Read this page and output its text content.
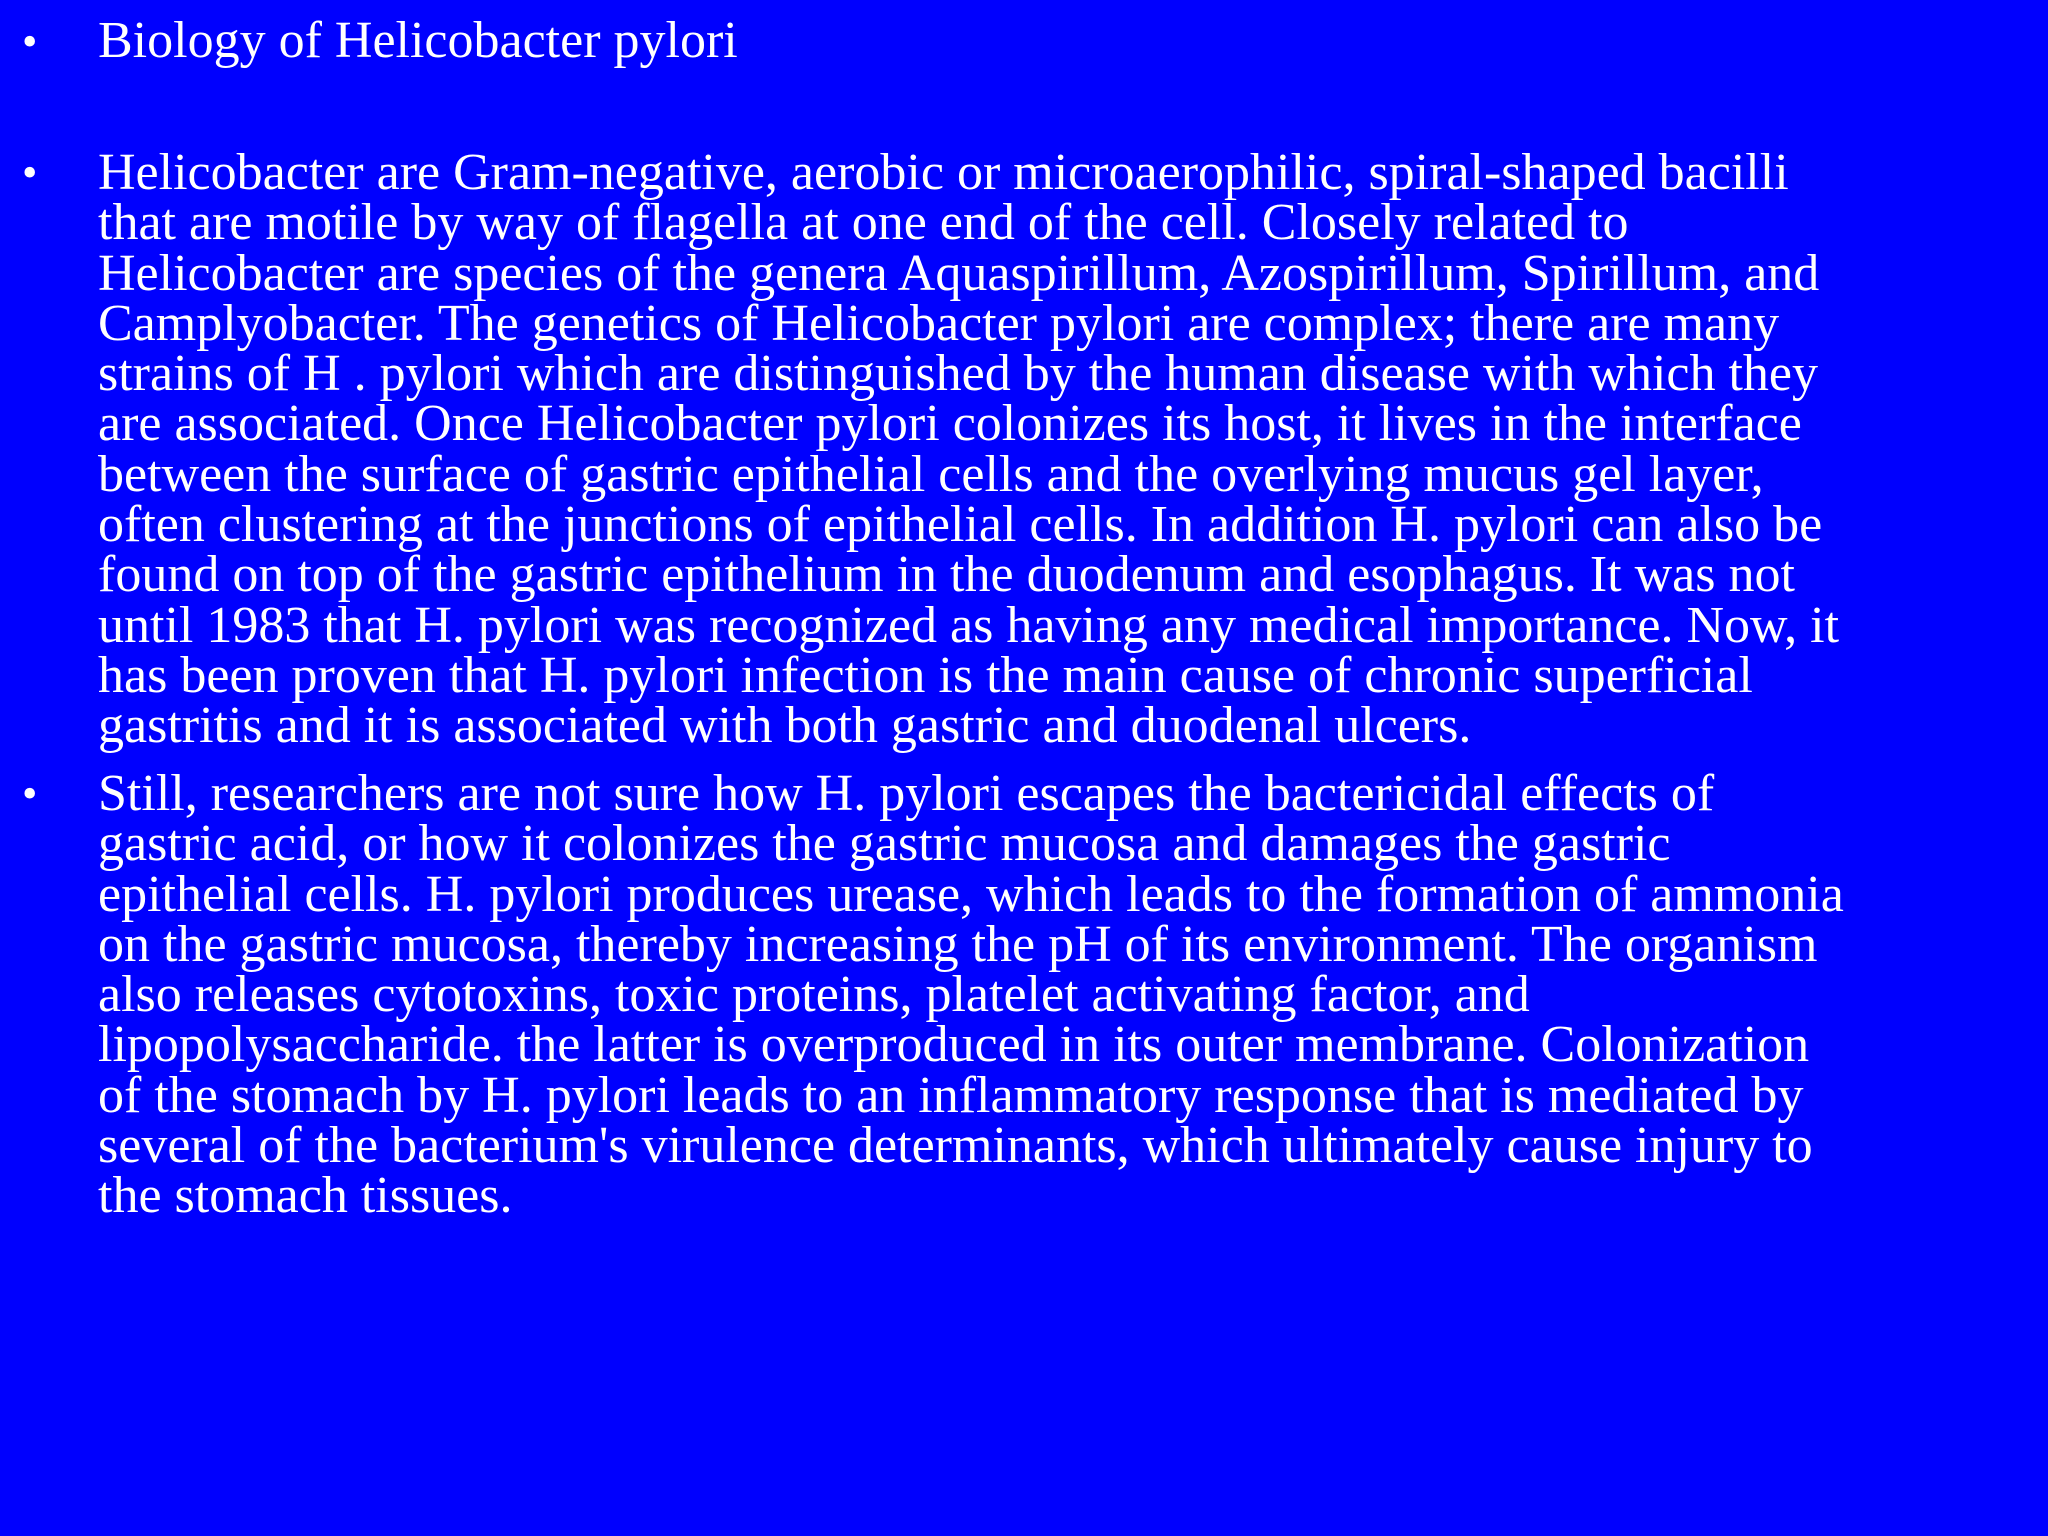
• Biology of Helicobacter pylori
• Helicobacter are Gram-negative, aerobic or microaerophilic, spiral-shaped bacilli
that are motile by way of flagella at one end of the cell. Closely related to
Helicobacter are species of the genera Aquaspirillum, Azospirillum, Spirillum, and
Camplyobacter. The genetics of Helicobacter pylori are complex; there are many
strains of H . pylori which are distinguished by the human disease with which they
are associated. Once Helicobacter pylori colonizes its host, it lives in the interface
between the surface of gastric epithelial cells and the overlying mucus gel layer,
often clustering at the junctions of epithelial cells. In addition H. pylori can also be
found on top of the gastric epithelium in the duodenum and esophagus. It was not
until 1983 that H. pylori was recognized as having any medical importance. Now, it
has been proven that H. pylori infection is the main cause of chronic superficial
gastritis and it is associated with both gastric and duodenal ulcers.
• Still, researchers are not sure how H. pylori escapes the bactericidal effects of
gastric acid, or how it colonizes the gastric mucosa and damages the gastric
epithelial cells. H. pylori produces urease, which leads to the formation of ammonia
on the gastric mucosa, thereby increasing the pH of its environment. The organism
also releases cytotoxins, toxic proteins, platelet activating factor, and
lipopolysaccharide. the latter is overproduced in its outer membrane. Colonization
of the stomach by H. pylori leads to an inflammatory response that is mediated by
several of the bacterium's virulence determinants, which ultimately cause injury to
the stomach tissues.
